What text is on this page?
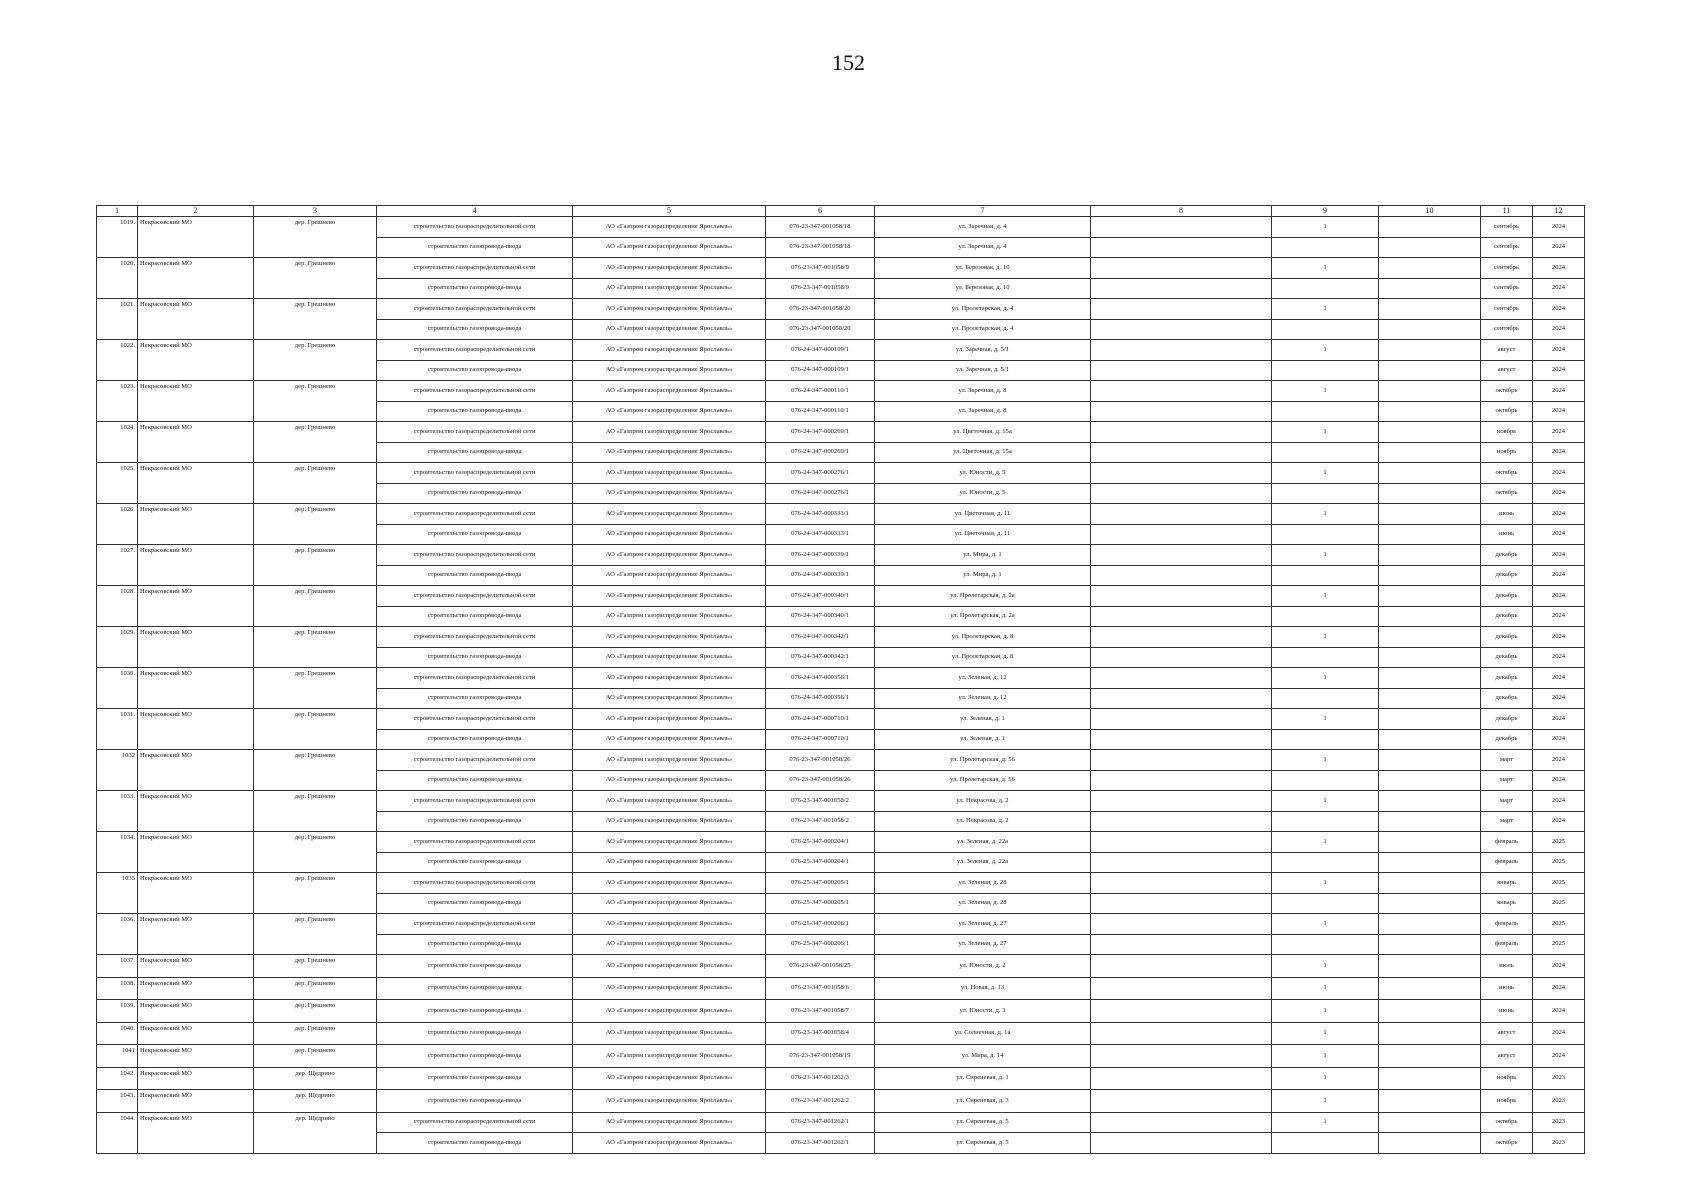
152
1	2	3	4	5	6	7	8	9	10	11	12
1019.	Некрасовский МО	дер. Грешнево	строительство газораспределительной сети	АО «Газпром газораспределение Ярославль»	076-23-347-001058/18	ул. Заречная, д. 4		1		сентябрь	2024
			строительство газопровода-ввода	АО «Газпром газораспределение Ярославль»	076-23-347-001058/18	ул. Заречная, д. 4				сентябрь	2024
1020.	Некрасовский МО	дер. Грешнево	строительство газораспределительной сети	АО «Газпром газораспределение Ярославль»	076-23-347-001058/9	ул. Березовая, д. 10		1		сентябрь	2024
			строительство газопровода-ввода	АО «Газпром газораспределение Ярославль»	076-23-347-001058/9	ул. Березовая, д. 10				сентябрь	2024
1021.	Некрасовский МО	дер. Грешнево	строительство газораспределительной сети	АО «Газпром газораспределение Ярославль»	076-23-347-001058/20	ул. Пролетарская, д. 4		1		сентябрь	2024
			строительство газопровода-ввода	АО «Газпром газораспределение Ярославль»	076-23-347-001058/20	ул. Пролетарская, д. 4				сентябрь	2024
1022.	Некрасовский МО	дер. Грешнево	строительство газораспределительной сети	АО «Газпром газораспределение Ярославль»	076-24-347-000109/1	ул. Заречная, д. 5/1		1		август	2024
			строительство газопровода-ввода	АО «Газпром газораспределение Ярославль»	076-24-347-000109/1	ул. Заречная, д. 5/1				август	2024
1023.	Некрасовский МО	дер. Грешнево	строительство газораспределительной сети	АО «Газпром газораспределение Ярославль»	076-24-347-000110/1	ул. Заречная, д. 8		1		октябрь	2024
			строительство газопровода-ввода	АО «Газпром газораспределение Ярославль»	076-24-347-000110/1	ул. Заречная, д. 8				октябрь	2024
1024.	Некрасовский МО	дер. Грешнево	строительство газораспределительной сети	АО «Газпром газораспределение Ярославль»	076-24-347-000269/1	ул. Цветочная, д. 15а		1		ноябрь	2024
			строительство газопровода-ввода	АО «Газпром газораспределение Ярославль»	076-24-347-000269/1	ул. Цветочная, д. 15а				ноябрь	2024
1025.	Некрасовский МО	дер. Грешнево	строительство газораспределительной сети	АО «Газпром газораспределение Ярославль»	076-24-347-000276/1	ул. Юности, д. 5		1		октябрь	2024
			строительство газопровода-ввода	АО «Газпром газораспределение Ярославль»	076-24-347-000276/1	ул. Юности, д. 5				октябрь	2024
1026.	Некрасовский МО	дер. Грешнево	строительство газораспределительной сети	АО «Газпром газораспределение Ярославль»	076-24-347-000333/1	ул. Цветочная, д. 11		1		июнь	2024
			строительство газопровода-ввода	АО «Газпром газораспределение Ярославль»	076-24-347-000333/1	ул. Цветочная, д. 11				июнь	2024
1027.	Некрасовский МО	дер. Грешнево	строительство газораспределительной сети	АО «Газпром газораспределение Ярославль»	076-24-347-000339/1	ул. Мира, д. 1		1		декабрь	2024
			строительство газопровода-ввода	АО «Газпром газораспределение Ярославль»	076-24-347-000339/1	ул. Мира, д. 1				декабрь	2024
1028.	Некрасовский МО	дер. Грешнево	строительство газораспределительной сети	АО «Газпром газораспределение Ярославль»	076-24-347-000340/1	ул. Пролетарская, д. 2а		1		декабрь	2024
			строительство газопровода-ввода	АО «Газпром газораспределение Ярославль»	076-24-347-000340/1	ул. Пролетарская, д. 2а				декабрь	2024
1029.	Некрасовский МО	дер. Грешнево	строительство газораспределительной сети	АО «Газпром газораспределение Ярославль»	076-24-347-000342/1	ул. Пролетарская, д. 8		1		декабрь	2024
			строительство газопровода-ввода	АО «Газпром газораспределение Ярославль»	076-24-347-000342/1	ул. Пролетарская, д. 8				декабрь	2024
1030.	Некрасовский МО	дер. Грешнево	строительство газораспределительной сети	АО «Газпром газораспределение Ярославль»	076-24-347-000356/1	ул. Зеленая, д. 12		1		декабрь	2024
			строительство газопровода-ввода	АО «Газпром газораспределение Ярославль»	076-24-347-000356/1	ул. Зеленая, д. 12				декабрь	2024
1031.	Некрасовский МО	дер. Грешнево	строительство газораспределительной сети	АО «Газпром газораспределение Ярославль»	076-24-347-000710/1	ул. Зеленая, д. 1		1		декабрь	2024
			строительство газопровода-ввода	АО «Газпром газораспределение Ярославль»	076-24-347-000710/1	ул. Зеленая, д. 1				декабрь	2024
1032	Некрасовский МО	дер. Грешнево	строительство газораспределительной сети	АО «Газпром газораспределение Ярославль»	076-23-347-001058/26	ул. Пролетарская, д. 56		1		март	2024
			строительство газопровода-ввода	АО «Газпром газораспределение Ярославль»	076-23-347-001058/26	ул. Пролетарская, д. 56				март	2024
1033.	Некрасовский МО	дер. Грешнево	строительство газораспределительной сети	АО «Газпром газораспределение Ярославль»	076-23-347-001058/2	ул. Некрасова, д. 2		1		март	2024
			строительство газопровода-ввода	АО «Газпром газораспределение Ярославль»	076-23-347-001058/2	ул. Некрасова, д. 2				март	2024
1034.	Некрасовский МО	дер. Грешнево	строительство газораспределительной сети	АО «Газпром газораспределение Ярославль»	076-25-347-000204/1	ул. Зеленая, д. 22а		1		февраль	2025
			строительство газопровода-ввода	АО «Газпром газораспределение Ярославль»	076-25-347-000204/1	ул. Зеленая, д. 22а				февраль	2025
1035	Некрасовский МО	дер. Грешнево	строительство газораспределительной сети	АО «Газпром газораспределение Ярославль»	076-25-347-000205/1	ул. Зеленая, д. 28		1		январь	2025
			строительство газопровода-ввода	АО «Газпром газораспределение Ярославль»	076-25-347-000205/1	ул. Зеленая, д. 28				январь	2025
1036.	Некрасовский МО	дер. Грешнево	строительство газораспределительной сети	АО «Газпром газораспределение Ярославль»	076-25-347-000206/1	ул. Зеленая, д. 27		1		февраль	2025
			строительство газопровода-ввода	АО «Газпром газораспределение Ярославль»	076-25-347-000206/1	ул. Зеленая, д. 27				февраль	2025
1037.	Некрасовский МО	дер. Грешнево	строительство газопровода-ввода	АО «Газпром газораспределение Ярославль»	076-23-347-001058/25	ул. Юности, д. 2		1		июль	2024
1038.	Некрасовский МО	дер. Грешнево	строительство газопровода-ввода	АО «Газпром газораспределение Ярославль»	076-23-347-001058/6	ул. Новая, д. 13		1		июнь	2024
1039.	Некрасовский МО	дер. Грешнево	строительство газопровода-ввода	АО «Газпром газораспределение Ярославль»	076-23-347-001058/7	ул. Юности, д. 3		1		июнь	2024
1040.	Некрасовский МО	дер. Грешнево	строительство газопровода-ввода	АО «Газпром газораспределение Ярославль»	076-23-347-001058/4	ул. Солнечная, д. 1а		1		август	2024
1041	Некрасовский МО	дер. Грешнево	строительство газопровода-ввода	АО «Газпром газораспределение Ярославль»	076-23-347-001058/19	ул. Мира, д. 14		1		август	2024
1042.	Некрасовский МО	дер. Щедрино	строительство газопровода-ввода	АО «Газпром газораспределение Ярославль»	076-23-347-001262/3	ул. Сиреневая, д. 1		1		ноябрь	2023
1043.	Некрасовский МО	дер. Щедрино	строительство газопровода-ввода	АО «Газпром газораспределение Ярославль»	076-23-347-001262/2	ул. Сиреневая, д. 3		1		ноябрь	2023
1044.	Некрасовский МО	дер. Щедрино	строительство газораспределительной сети	АО «Газпром газораспределение Ярославль»	076-23-347-001262/1	ул. Сиреневая, д. 5		1		октябрь	2023
			строительство газопровода-ввода	АО «Газпром газораспределение Ярославль»	076-23-347-001262/1	ул. Сиреневая, д. 5				октябрь	2023
